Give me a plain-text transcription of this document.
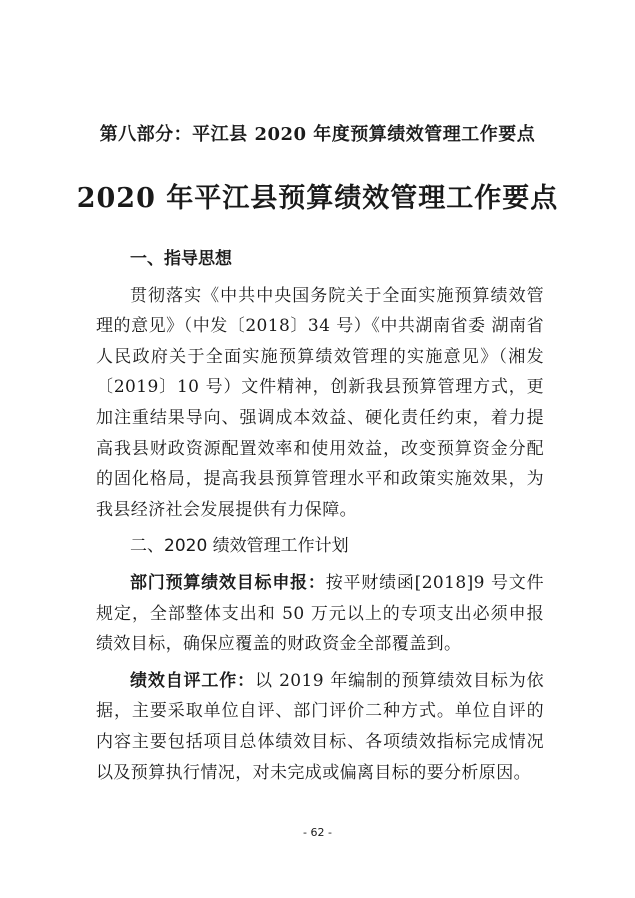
第八部分：平江县 2020 年度预算绩效管理工作要点
2020 年平江县预算绩效管理工作要点
一、指导思想

贯彻落实《中共中央国务院关于全面实施预算绩效管理的意见》（中发〔2018〕34 号）《中共湖南省委 湖南省人民政府关于全面实施预算绩效管理的实施意见》（湘发〔2019〕10 号）文件精神，创新我县预算管理方式，更加注重结果导向、强调成本效益、硬化责任约束，着力提高我县财政资源配置效率和使用效益，改变预算资金分配的固化格局，提高我县预算管理水平和政策实施效果，为我县经济社会发展提供有力保障。

二、2020 绩效管理工作计划

部门预算绩效目标申报：按平财绩函[2018]9 号文件规定，全部整体支出和 50 万元以上的专项支出必须申报绩效目标，确保应覆盖的财政资金全部覆盖到。

绩效自评工作：以 2019 年编制的预算绩效目标为依据，主要采取单位自评、部门评价二种方式。单位自评的内容主要包括项目总体绩效目标、各项绩效指标完成情况以及预算执行情况，对未完成或偏离目标的要分析原因。

- 62 -
